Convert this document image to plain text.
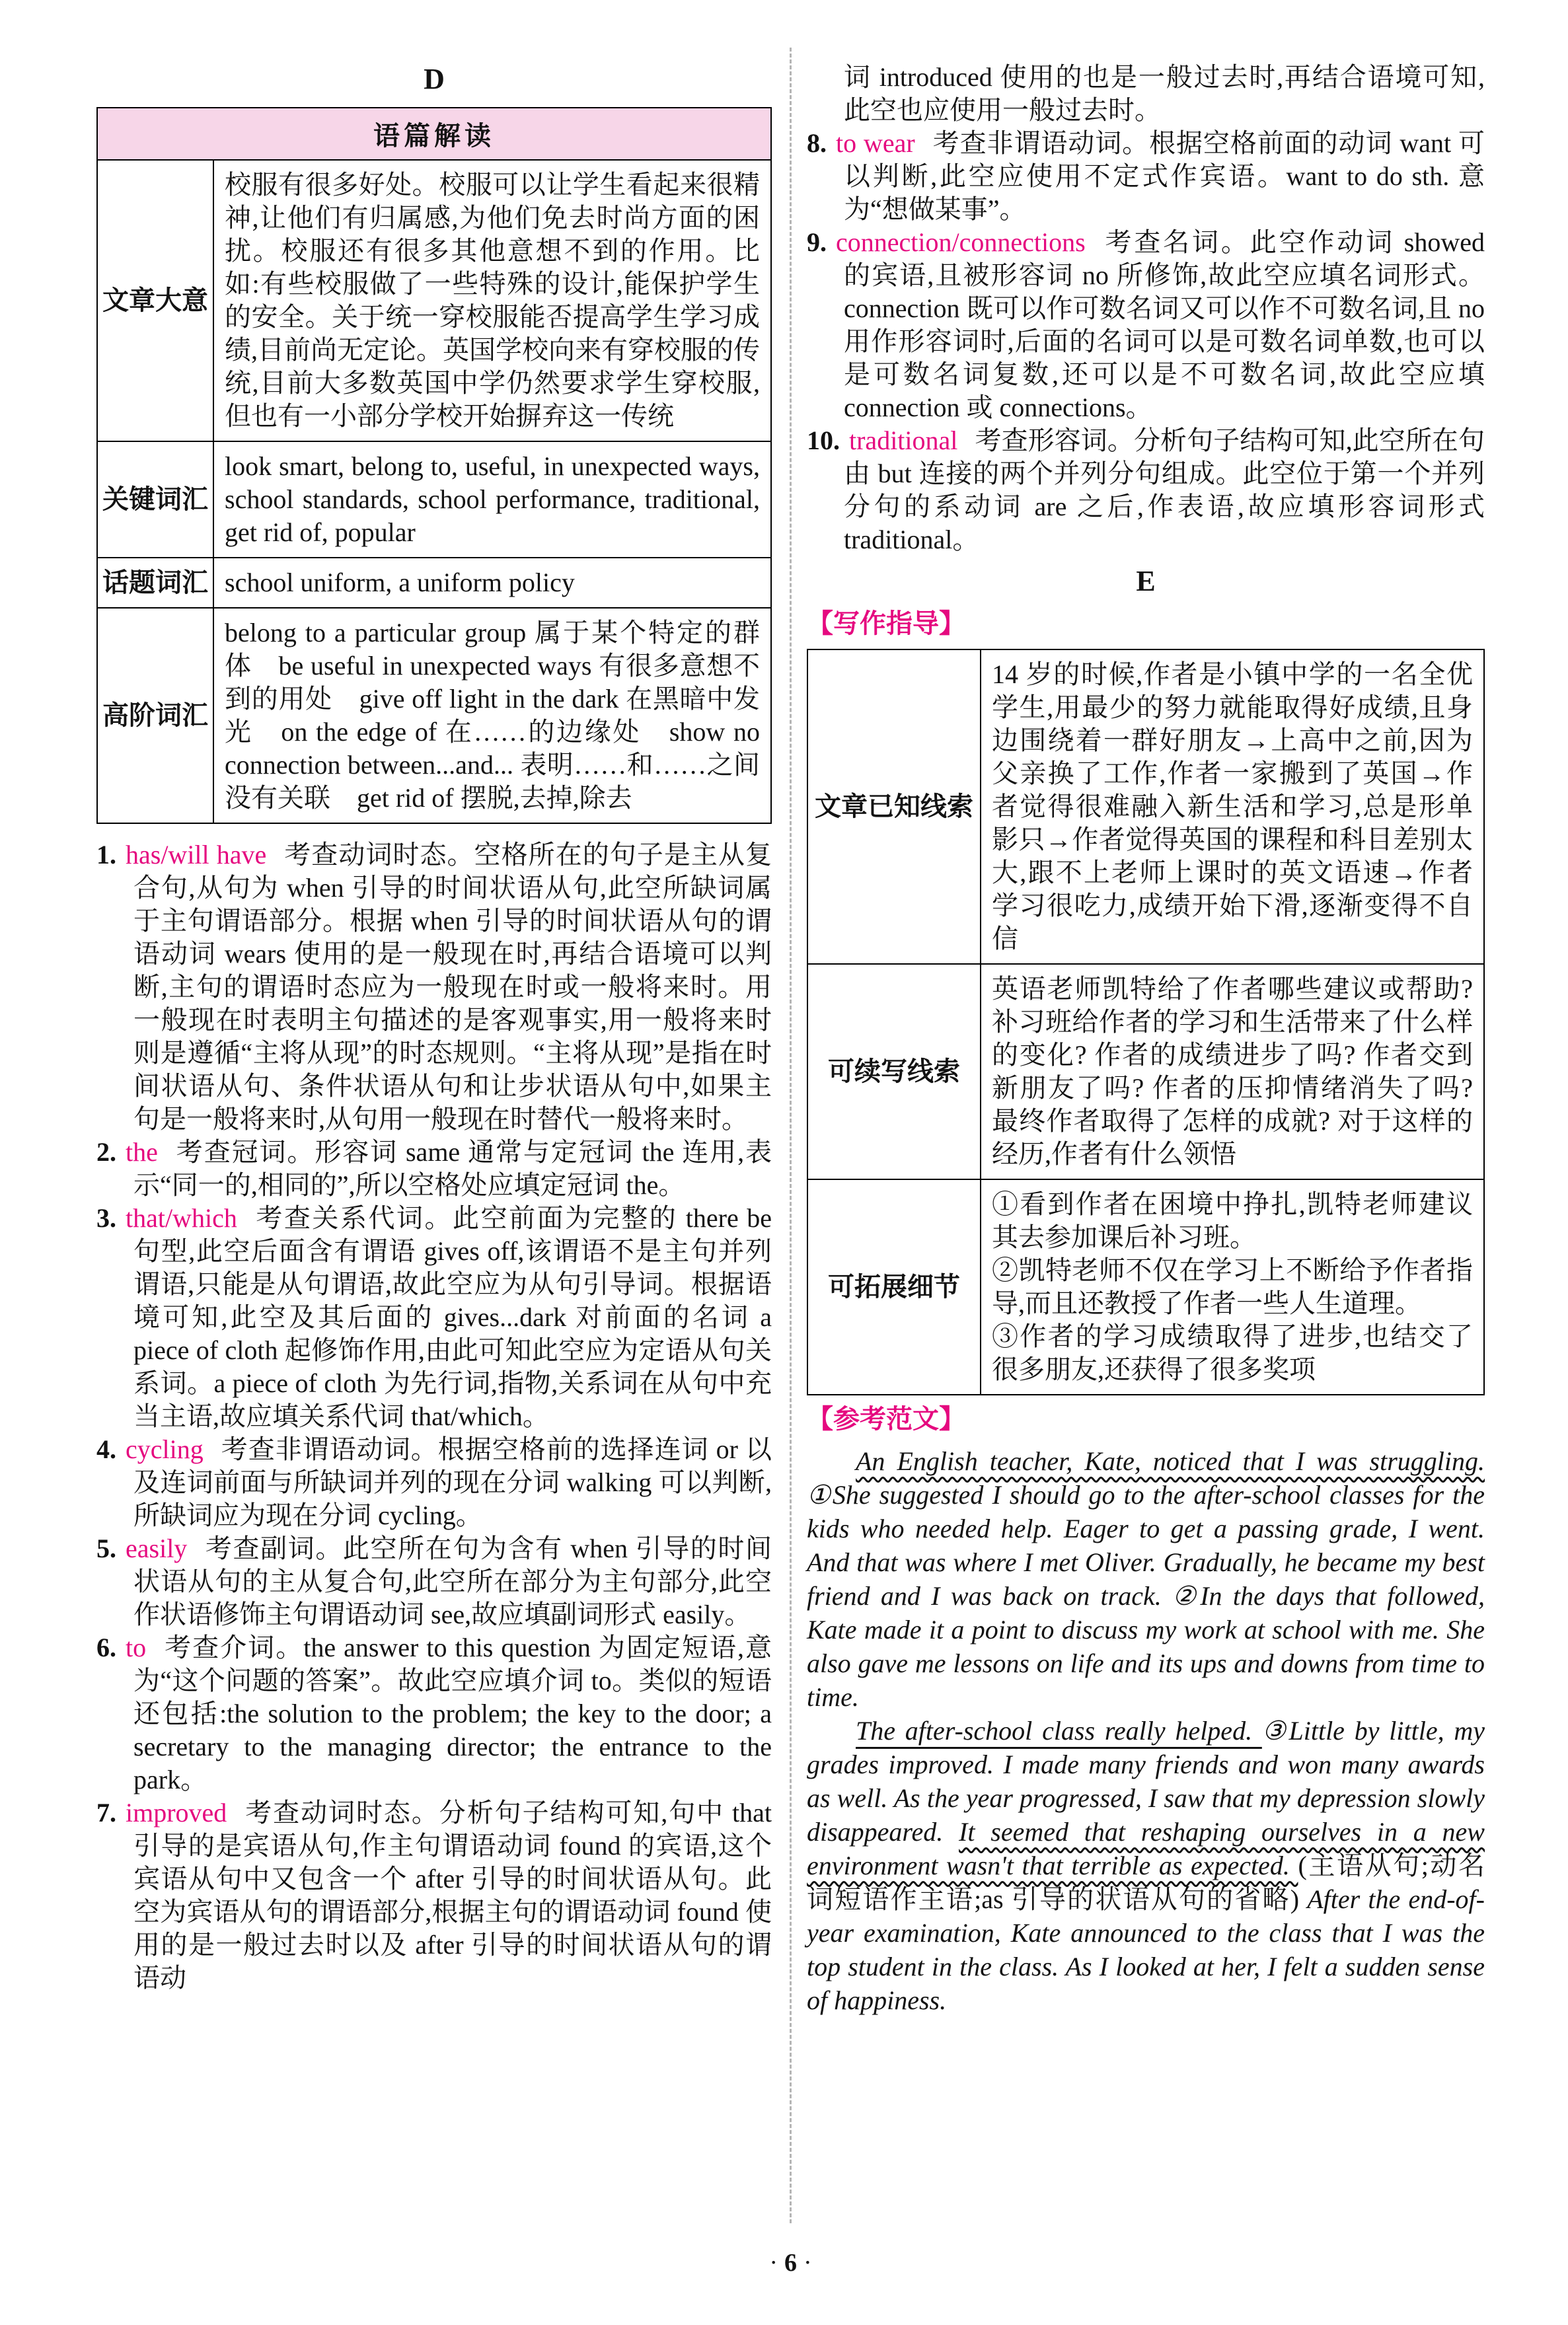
D
语篇解读	
文章大意	校服有很多好处。校服可以让学生看起来很精神,让他们有归属感,为他们免去时尚方面的困扰。校服还有很多其他意想不到的作用。比如:有些校服做了一些特殊的设计,能保护学生的安全。关于统一穿校服能否提高学生学习成绩,目前尚无定论。英国学校向来有穿校服的传统,目前大多数英国中学仍然要求学生穿校服,但也有一小部分学校开始摒弃这一传统
关键词汇	look smart, belong to, useful, in unexpected ways, school standards, school performance, traditional, get rid of, popular
话题词汇	school uniform, a uniform policy
高阶词汇	belong to a particular group 属于某个特定的群体　be useful in unexpected ways 有很多意想不到的用处　give off light in the dark 在黑暗中发光　on the edge of 在……的边缘处　show no connection between...and... 表明……和……之间没有关联　get rid of 摆脱,去掉,除去

1. has/will have 考查动词时态。空格所在的句子是主从复合句,从句为 when 引导的时间状语从句,此空所缺词属于主句谓语部分。根据 when 引导的时间状语从句的谓语动词 wears 使用的是一般现在时,再结合语境可以判断,主句的谓语时态应为一般现在时或一般将来时。用一般现在时表明主句描述的是客观事实,用一般将来时则是遵循“主将从现”的时态规则。“主将从现”是指在时间状语从句、条件状语从句和让步状语从句中,如果主句是一般将来时,从句用一般现在时替代一般将来时。

2. the 考查冠词。形容词 same 通常与定冠词 the 连用,表示“同一的,相同的”,所以空格处应填定冠词 the。

3. that/which 考查关系代词。此空前面为完整的 there be 句型,此空后面含有谓语 gives off,该谓语不是主句并列谓语,只能是从句谓语,故此空应为从句引导词。根据语境可知,此空及其后面的 gives...dark 对前面的名词 a piece of cloth 起修饰作用,由此可知此空应为定语从句关系词。a piece of cloth 为先行词,指物,关系词在从句中充当主语,故应填关系代词 that/which。

4. cycling 考查非谓语动词。根据空格前的选择连词 or 以及连词前面与所缺词并列的现在分词 walking 可以判断,所缺词应为现在分词 cycling。

5. easily 考查副词。此空所在句为含有 when 引导的时间状语从句的主从复合句,此空所在部分为主句部分,此空作状语修饰主句谓语动词 see,故应填副词形式 easily。

6. to 考查介词。the answer to this question 为固定短语,意为“这个问题的答案”。故此空应填介词 to。类似的短语还包括:the solution to the problem; the key to the door; a secretary to the managing director; the entrance to the park。

7. improved 考查动词时态。分析句子结构可知,句中 that 引导的是宾语从句,作主句谓语动词 found 的宾语,这个宾语从句中又包含一个 after 引导的时间状语从句。此空为宾语从句的谓语部分,根据主句的谓语动词 found 使用的是一般过去时以及 after 引导的时间状语从句的谓语动

词 introduced 使用的也是一般过去时,再结合语境可知,此空也应使用一般过去时。

8. to wear 考查非谓语动词。根据空格前面的动词 want 可以判断,此空应使用不定式作宾语。want to do sth. 意为“想做某事”。

9. connection/connections 考查名词。此空作动词 showed 的宾语,且被形容词 no 所修饰,故此空应填名词形式。connection 既可以作可数名词又可以作不可数名词,且 no 用作形容词时,后面的名词可以是可数名词单数,也可以是可数名词复数,还可以是不可数名词,故此空应填 connection 或 connections。

10. traditional 考查形容词。分析句子结构可知,此空所在句由 but 连接的两个并列分句组成。此空位于第一个并列分句的系动词 are 之后,作表语,故应填形容词形式 traditional。

E
【写作指导】
文章已知线索	14 岁的时候,作者是小镇中学的一名全优学生,用最少的努力就能取得好成绩,且身边围绕着一群好朋友→上高中之前,因为父亲换了工作,作者一家搬到了英国→作者觉得很难融入新生活和学习,总是形单影只→作者觉得英国的课程和科目差别太大,跟不上老师上课时的英文语速→作者学习很吃力,成绩开始下滑,逐渐变得不自信
可续写线索	英语老师凯特给了作者哪些建议或帮助? 补习班给作者的学习和生活带来了什么样的变化? 作者的成绩进步了吗? 作者交到新朋友了吗? 作者的压抑情绪消失了吗? 最终作者取得了怎样的成就? 对于这样的经历,作者有什么领悟
可拓展细节	①看到作者在困境中挣扎,凯特老师建议其去参加课后补习班。
②凯特老师不仅在学习上不断给予作者指导,而且还教授了作者一些人生道理。
③作者的学习成绩取得了进步,也结交了很多朋友,还获得了很多奖项
【参考范文】

An English teacher, Kate, noticed that I was struggling. ①She suggested I should go to the after-school classes for the kids who needed help. Eager to get a passing grade, I went. And that was where I met Oliver. Gradually, he became my best friend and I was back on track. ②In the days that followed, Kate made it a point to discuss my work at school with me. She also gave me lessons on life and its ups and downs from time to time.

The after-school class really helped. ③Little by little, my grades improved. I made many friends and won many awards as well. As the year progressed, I saw that my depression slowly disappeared. It seemed that reshaping ourselves in a new environment wasn't that terrible as expected. (主语从句;动名词短语作主语;as 引导的状语从句的省略) After the end-of-year examination, Kate announced to the class that I was the top student in the class. As I looked at her, I felt a sudden sense of happiness.

· 6 ·
